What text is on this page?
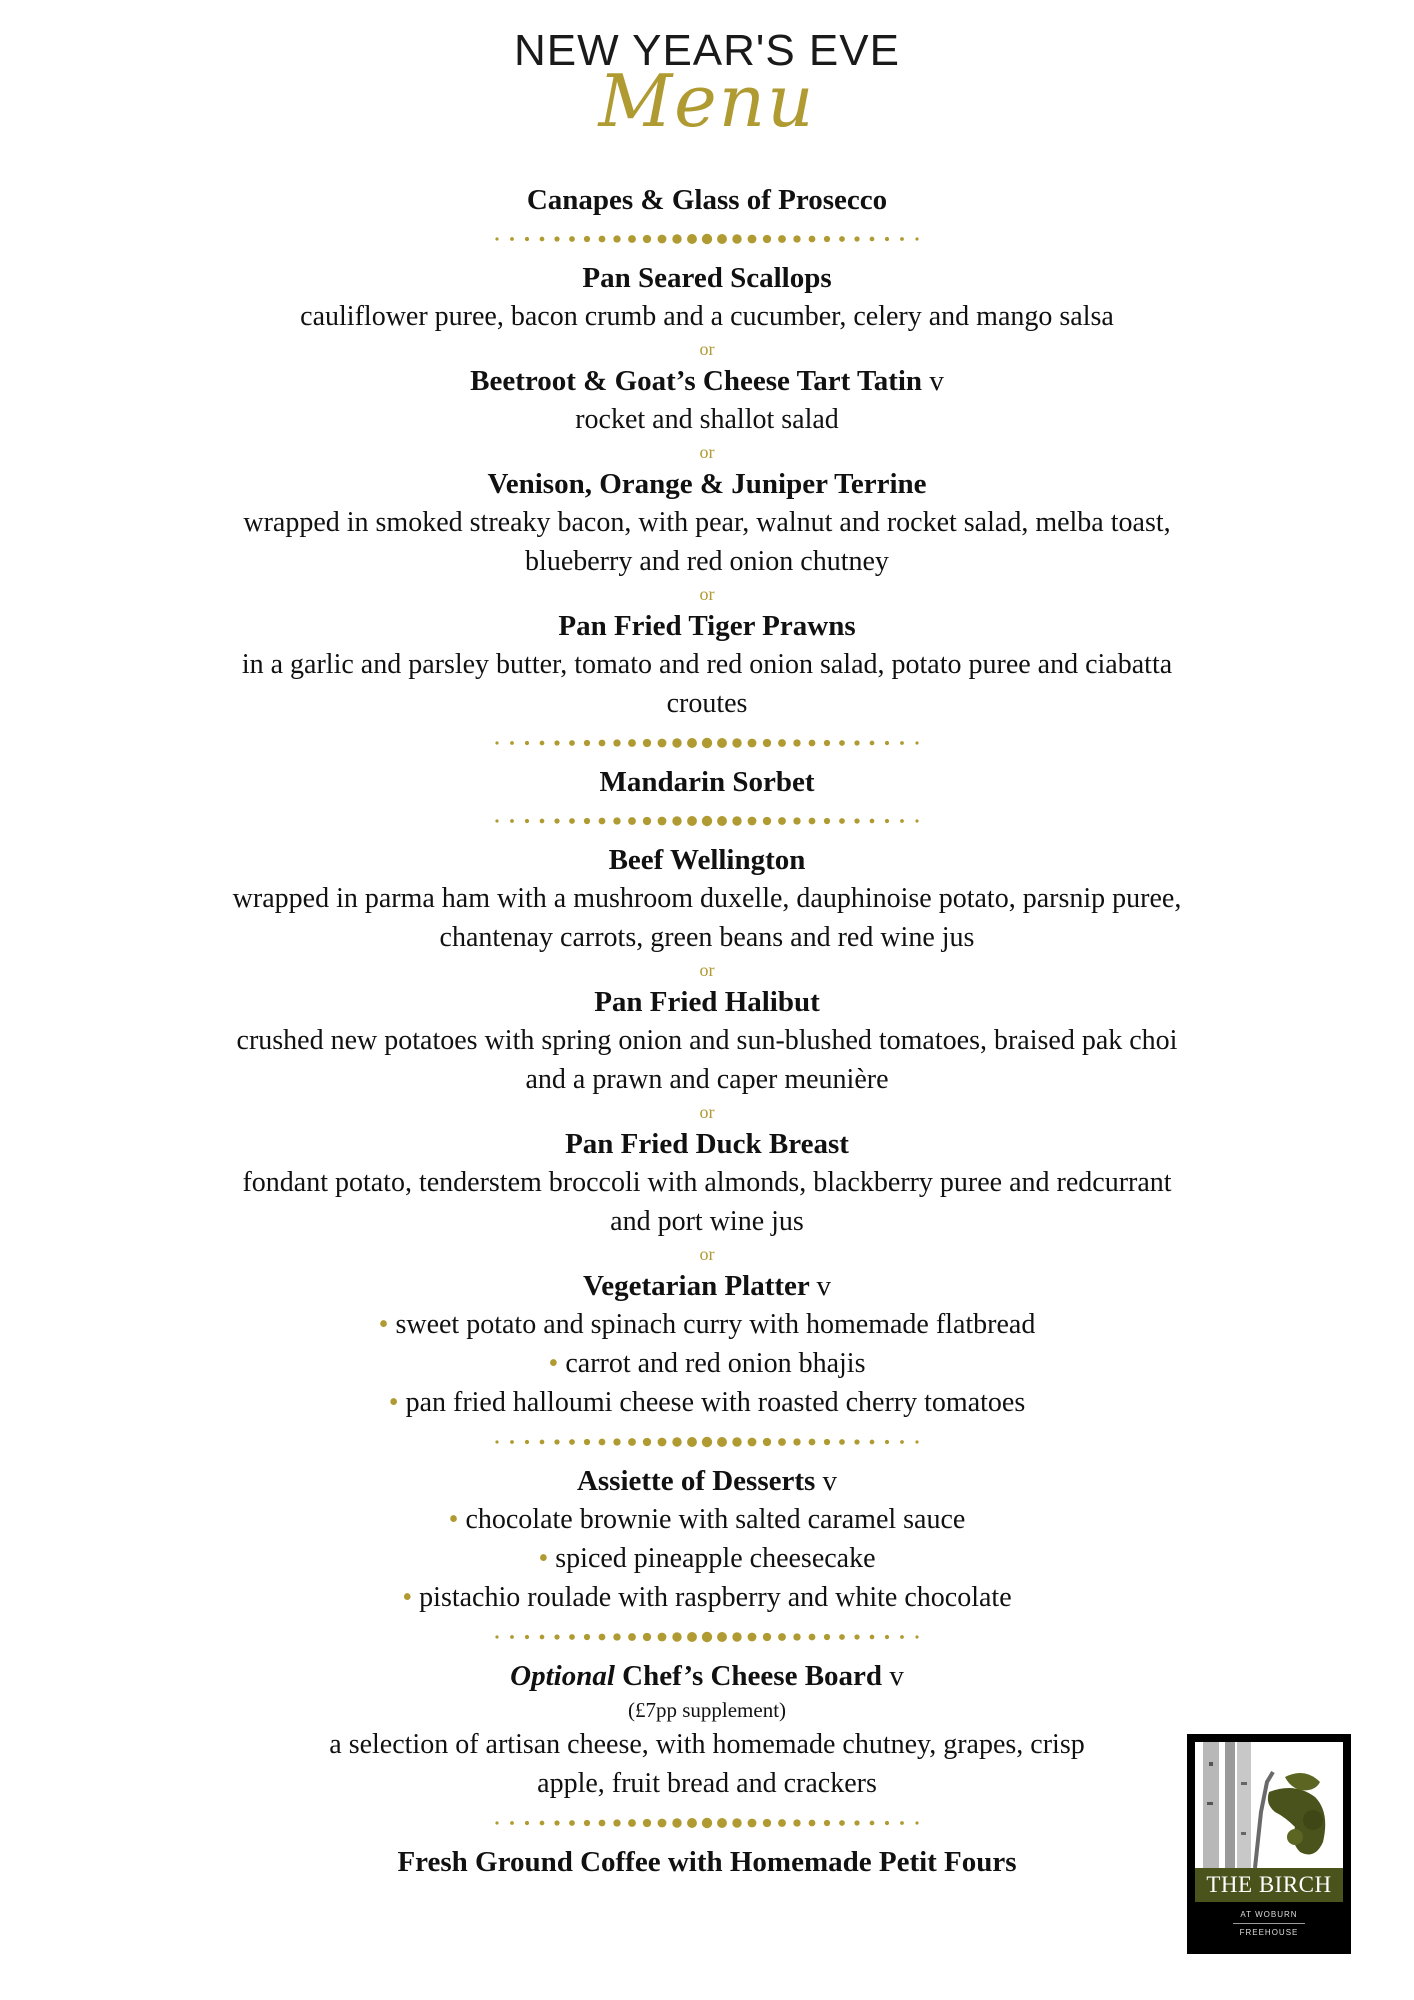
NEW YEAR'S EVE
Menu
Canapes & Glass of Prosecco
Pan Seared Scallops
cauliflower puree, bacon crumb and a cucumber, celery and mango salsa
or
Beetroot & Goat’s Cheese Tart Tatin v
rocket and shallot salad
or
Venison, Orange & Juniper Terrine
wrapped in smoked streaky bacon, with pear, walnut and rocket salad, melba toast,
blueberry and red onion chutney
or
Pan Fried Tiger Prawns
in a garlic and parsley butter, tomato and red onion salad, potato puree and ciabatta
croutes
Mandarin Sorbet
Beef Wellington
wrapped in parma ham with a mushroom duxelle, dauphinoise potato, parsnip puree,
chantenay carrots, green beans and red wine jus
or
Pan Fried Halibut
crushed new potatoes with spring onion and sun-blushed tomatoes, braised pak choi
and a prawn and caper meunière
or
Pan Fried Duck Breast
fondant potato, tenderstem broccoli with almonds, blackberry puree and redcurrant
and port wine jus
or
Vegetarian Platter v
• sweet potato and spinach curry with homemade flatbread
• carrot and red onion bhajis
• pan fried halloumi cheese with roasted cherry tomatoes
Assiette of Desserts v
• chocolate brownie with salted caramel sauce
• spiced pineapple cheesecake
• pistachio roulade with raspberry and white chocolate
Optional Chef’s Cheese Board v
(£7pp supplement)
a selection of artisan cheese, with homemade chutney, grapes, crisp
apple, fruit bread and crackers
Fresh Ground Coffee with Homemade Petit Fours
THE BIRCH
AT WOBURN
FREEHOUSE
